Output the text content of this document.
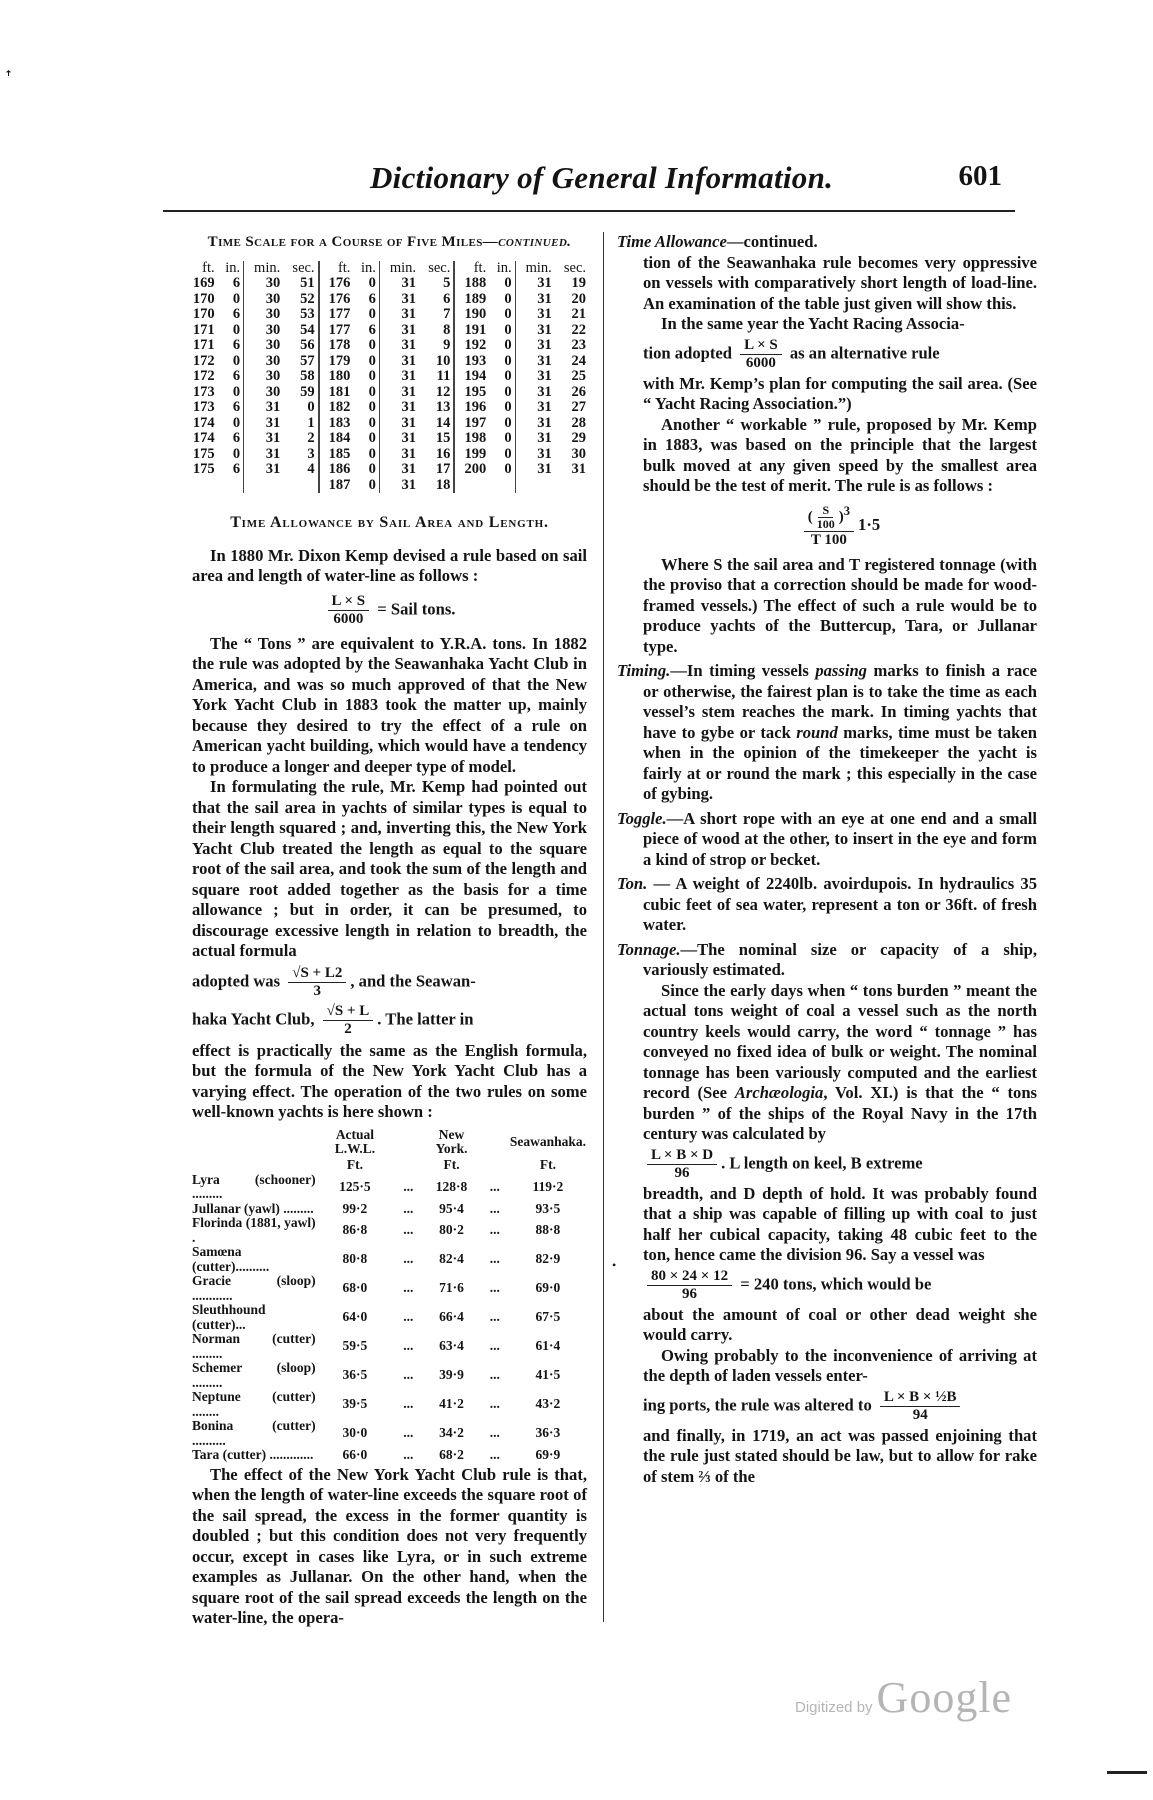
ꜛ
Dictionary of General Information.	601

Time Scale for a Course of Five Miles—continued.

ft.	in.	min.	sec.	ft.	in.	min.	sec.	ft.	in.	min.	sec.
169	6	30	51	176	0	31	5	188	0	31	19
170	0	30	52	176	6	31	6	189	0	31	20
170	6	30	53	177	0	31	7	190	0	31	21
171	0	30	54	177	6	31	8	191	0	31	22
171	6	30	56	178	0	31	9	192	0	31	23
172	0	30	57	179	0	31	10	193	0	31	24
172	6	30	58	180	0	31	11	194	0	31	25
173	0	30	59	181	0	31	12	195	0	31	26
173	6	31	0	182	0	31	13	196	0	31	27
174	0	31	1	183	0	31	14	197	0	31	28
174	6	31	2	184	0	31	15	198	0	31	29
175	0	31	3	185	0	31	16	199	0	31	30
175	6	31	4	186	0	31	17	200	0	31	31
				187	0	31	18				

Time Allowance by Sail Area and Length.

In 1880 Mr. Dixon Kemp devised a rule based on sail area and length of water-line as follows :

$\frac{L \times S}{6000}$ = Sail tons.

The “ Tons ” are equivalent to Y.R.A. tons. In 1882 the rule was adopted by the Seawanhaka Yacht Club in America, and was so much approved of that the New York Yacht Club in 1883 took the matter up, mainly because they desired to try the effect of a rule on American yacht building, which would have a tendency to produce a longer and deeper type of model.

In formulating the rule, Mr. Kemp had pointed out that the sail area in yachts of similar types is equal to their length squared ; and, inverting this, the New York Yacht Club treated the length as equal to the square root of the sail area, and took the sum of the length and square root added together as the basis for a time allowance ; but in order, it can be presumed, to discourage excessive length in relation to breadth, the actual formula

adopted was $\frac{√S + L2}{3}$ , and the Seawan-

haka Yacht Club, $\frac{√S + L}{2}$ . The latter in

effect is practically the same as the English formula, but the formula of the New York Yacht Club has a varying effect. The operation of the two rules on some well-known yachts is here shown :

	Actual L.W.L.		New York.		Seawanhaka.
	Ft.		Ft.		Ft.
Lyra (schooner) .........	125·5	...	128·8	...	119·2
Jullanar (yawl) .........	99·2	...	95·4	...	93·5
Florinda (1881, yawl) .	86·8	...	80·2	...	88·8
Samœna (cutter)..........	80·8	...	82·4	...	82·9
Gracie (sloop) ............	68·0	...	71·6	...	69·0
Sleuthhound (cutter)...	64·0	...	66·4	...	67·5
Norman (cutter) .........	59·5	...	63·4	...	61·4
Schemer (sloop) .........	36·5	...	39·9	...	41·5
Neptune (cutter) ........	39·5	...	41·2	...	43·2
Bonina (cutter) ..........	30·0	...	34·2	...	36·3
Tara (cutter) .............	66·0	...	68·2	...	69·9

The effect of the New York Yacht Club rule is that, when the length of water-line exceeds the square root of the sail spread, the excess in the former quantity is doubled ; but this condition does not very frequently occur, except in cases like Lyra, or in such extreme examples as Jullanar. On the other hand, when the square root of the sail spread exceeds the length on the water-line, the opera-

Time Allowance—continued.

tion of the Seawanhaka rule becomes very oppressive on vessels with comparatively short length of load-line. An examination of the table just given will show this.

In the same year the Yacht Racing Associa-

tion adopted $\frac{L \times S}{6000}$ as an alternative rule

with Mr. Kemp’s plan for computing the sail area. (See “ Yacht Racing Association.”)

Another “ workable ” rule, proposed by Mr. Kemp in 1883, was based on the principle that the largest bulk moved at any given speed by the smallest area should be the test of merit. The rule is as follows :

$\frac{( \frac{S}{100} )^3}{T 100} 1\cdot 5$

Where S the sail area and T registered tonnage (with the proviso that a correction should be made for wood-framed vessels.) The effect of such a rule would be to produce yachts of the Buttercup, Tara, or Jullanar type.

Timing.—In timing vessels passing marks to finish a race or otherwise, the fairest plan is to take the time as each vessel’s stem reaches the mark. In timing yachts that have to gybe or tack round marks, time must be taken when in the opinion of the timekeeper the yacht is fairly at or round the mark ; this especially in the case of gybing.

Toggle.—A short rope with an eye at one end and a small piece of wood at the other, to insert in the eye and form a kind of strop or becket.

Ton. — A weight of 2240lb. avoirdupois. In hydraulics 35 cubic feet of sea water, represent a ton or 36ft. of fresh water.

Tonnage.—The nominal size or capacity of a ship, variously estimated.

Since the early days when “ tons burden ” meant the actual tons weight of coal a vessel such as the north country keels would carry, the word “ tonnage ” has conveyed no fixed idea of bulk or weight. The nominal tonnage has been variously computed and the earliest record (See Archæologia, Vol. XI.) is that the “ tons burden ” of the ships of the Royal Navy in the 17th century was calculated by

$\frac{L \times B \times D}{96}$ . L length on keel, B extreme

breadth, and D depth of hold. It was probably found that a ship was capable of filling up with coal to just half her cubical capacity, taking 48 cubic feet to the ton, hence came the division 96. Say a vessel was

$\frac{80 \times 24 \times 12}{96} = 240$ tons, which would be

about the amount of coal or other dead weight she would carry.

Owing probably to the inconvenience of arriving at the depth of laden vessels enter-

ing ports, the rule was altered to $\frac{\text{L × B × ½B}}{94}$

and finally, in 1719, an act was passed enjoining that the rule just stated should be law, but to allow for rake of stem ⅔ of the

•
Digitized by Google
